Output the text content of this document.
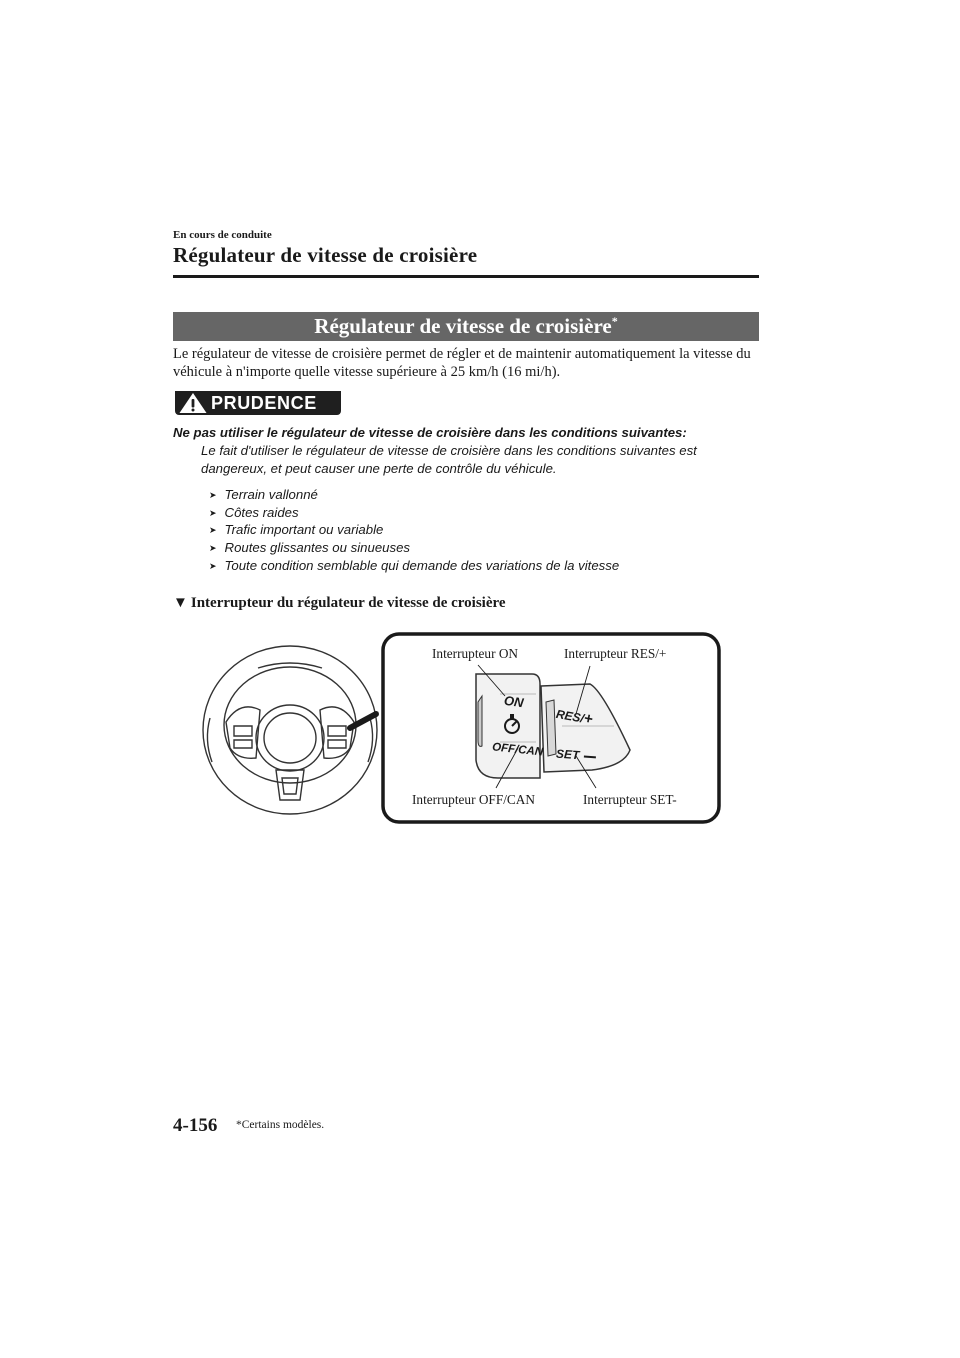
En cours de conduite
Régulateur de vitesse de croisière
Régulateur de vitesse de croisière*
Le régulateur de vitesse de croisière permet de régler et de maintenir automatiquement la vitesse du véhicule à n'importe quelle vitesse supérieure à 25 km/h (16 mi/h).
PRUDENCE
Ne pas utiliser le régulateur de vitesse de croisière dans les conditions suivantes:
Le fait d'utiliser le régulateur de vitesse de croisière dans les conditions suivantes est dangereux, et peut causer une perte de contrôle du véhicule.
➤ Terrain vallonné
➤ Côtes raides
➤ Trafic important ou variable
➤ Routes glissantes ou sinueuses
➤ Toute condition semblable qui demande des variations de la vitesse
▼ Interrupteur du régulateur de vitesse de croisière
ON
OFF/CAN
RES/+
SET
Interrupteur ON	Interrupteur RES/+
Interrupteur OFF/CAN	Interrupteur SET-
4-156 *Certains modèles.
